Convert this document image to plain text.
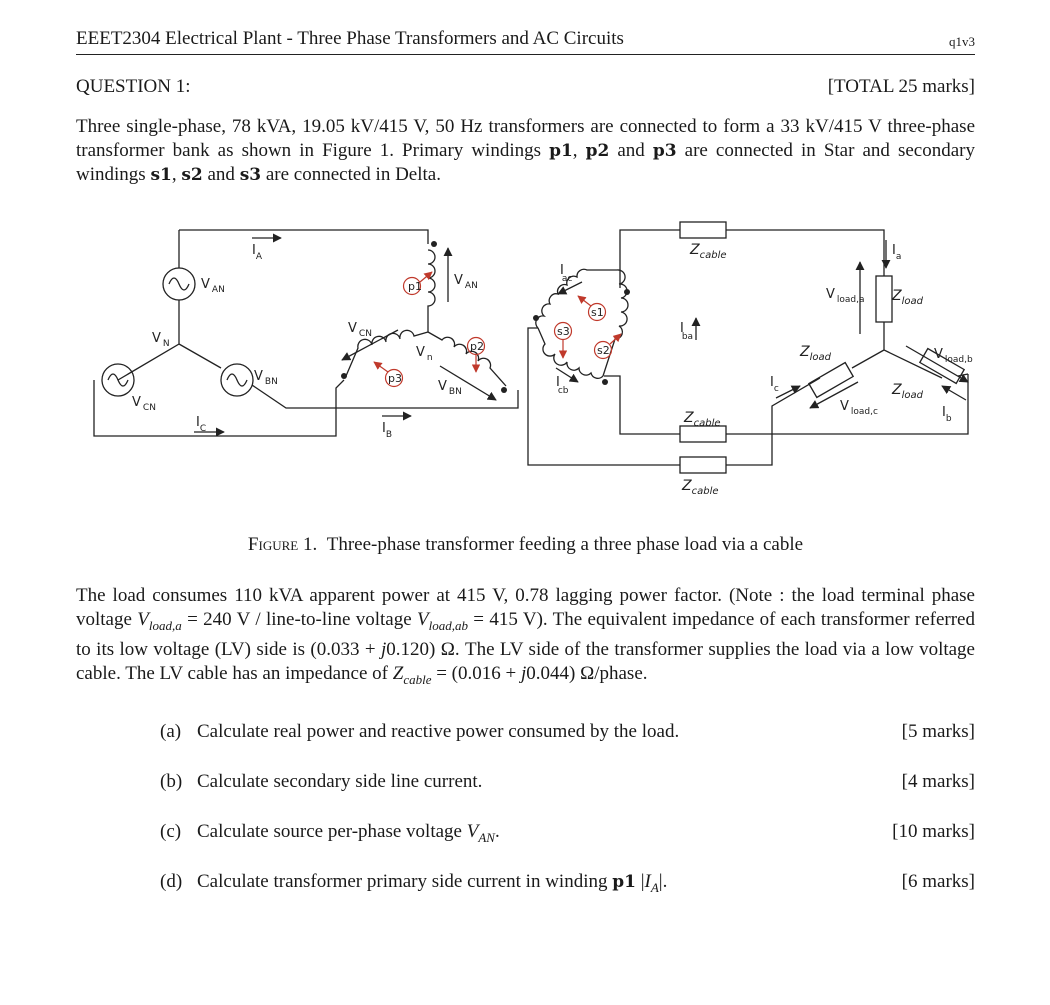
EEET2304 Electrical Plant - Three Phase Transformers and AC Circuits	q1v3
QUESTION 1:	[TOTAL 25 marks]
Three single-phase, 78 kVA, 19.05 kV/415 V, 50 Hz transformers are connected to form a 33 kV/415 V three-phase transformer bank as shown in Figure 1. Primary windings p1, p2 and p3 are connected in Star and secondary windings s1, s2 and s3 are connected in Delta.
p1
p2
p3
s1
s2
s3
$I_A$
$I_B$
$I_C$
V $_{AN}$
V $_{AN}$
V $_{BN}$	V $_{BN}$
V $_{CN}$
V $_{CN}$
V $_N$
V $_n$
I ac
I ba
I cb
$I_a$
$I_b$
$I_c$
V $_{load,a}$
V $_{load,b}$
V $_{load,c}$
$Z_{cable}$
$Z_{cable}$
$Z_{cable}$
$Z_{load}$
$Z_{load}$
$Z_{load}$
Figure 1. Three-phase transformer feeding a three phase load via a cable
The load consumes 110 kVA apparent power at 415 V, 0.78 lagging power factor. (Note : the load terminal phase voltage $V_{load,a} = 240$ V / line-to-line voltage $V_{load,ab} = 415$ V). The equivalent impedance of each transformer referred to its low voltage (LV) side is (0.033 + j0.120) Ω. The LV side of the transformer supplies the load via a low voltage cable. The LV cable has an impedance of $Z_{cable} = (0.016 + j0.044)$ Ω/phase.
(a) Calculate real power and reactive power consumed by the load.	[5 marks]
(b) Calculate secondary side line current.	[4 marks]
(c) Calculate source per-phase voltage $V_{AN}$.	[10 marks]
(d) Calculate transformer primary side current in winding p1 $|I_A|$.	[6 marks]
